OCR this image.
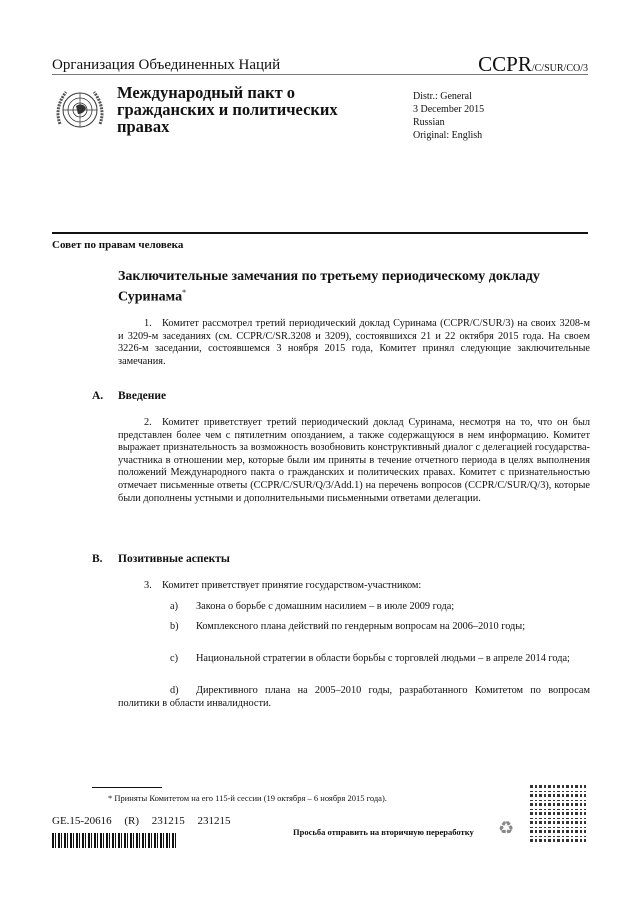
Организация Объединенных Наций	CCPR/C/SUR/CO/3
Международный пакт о гражданских и политических правах
Distr.: General
3 December 2015
Russian
Original: English
Совет по правам человека
Заключительные замечания по третьему периодическому докладу Суринама*
1. Комитет рассмотрел третий периодический доклад Суринама (CCPR/C/SUR/3) на своих 3208-м и 3209-м заседаниях (см. CCPR/C/SR.3208 и 3209), состоявшихся 21 и 22 октября 2015 года. На своем 3226-м заседании, состоявшемся 3 ноября 2015 года, Комитет принял следующие заключительные замечания.
A. Введение
2. Комитет приветствует третий периодический доклад Суринама, несмотря на то, что он был представлен более чем с пятилетним опозданием, а также содержащуюся в нем информацию. Комитет выражает признательность за возможность возобновить конструктивный диалог с делегацией государства-участника в отношении мер, которые были им приняты в течение отчетного периода в целях выполнения положений Международного пакта о гражданских и политических правах. Комитет с признательностью отмечает письменные ответы (CCPR/C/SUR/Q/3/Add.1) на перечень вопросов (CCPR/C/SUR/Q/3), которые были дополнены устными и дополнительными письменными ответами делегации.
B. Позитивные аспекты
3. Комитет приветствует принятие государством-участником:
a) Закона о борьбе с домашним насилием – в июле 2009 года;
b) Комплексного плана действий по гендерным вопросам на 2006–2010 годы;
c) Национальной стратегии в области борьбы с торговлей людьми – в апреле 2014 года;
d) Директивного плана на 2005–2010 годы, разработанного Комитетом по вопросам политики в области инвалидности.
* Приняты Комитетом на его 115-й сессии (19 октября – 6 ноября 2015 года).
GE.15-20616 (R) 231215 231215
Просьба отправить на вторичную переработку ♻
